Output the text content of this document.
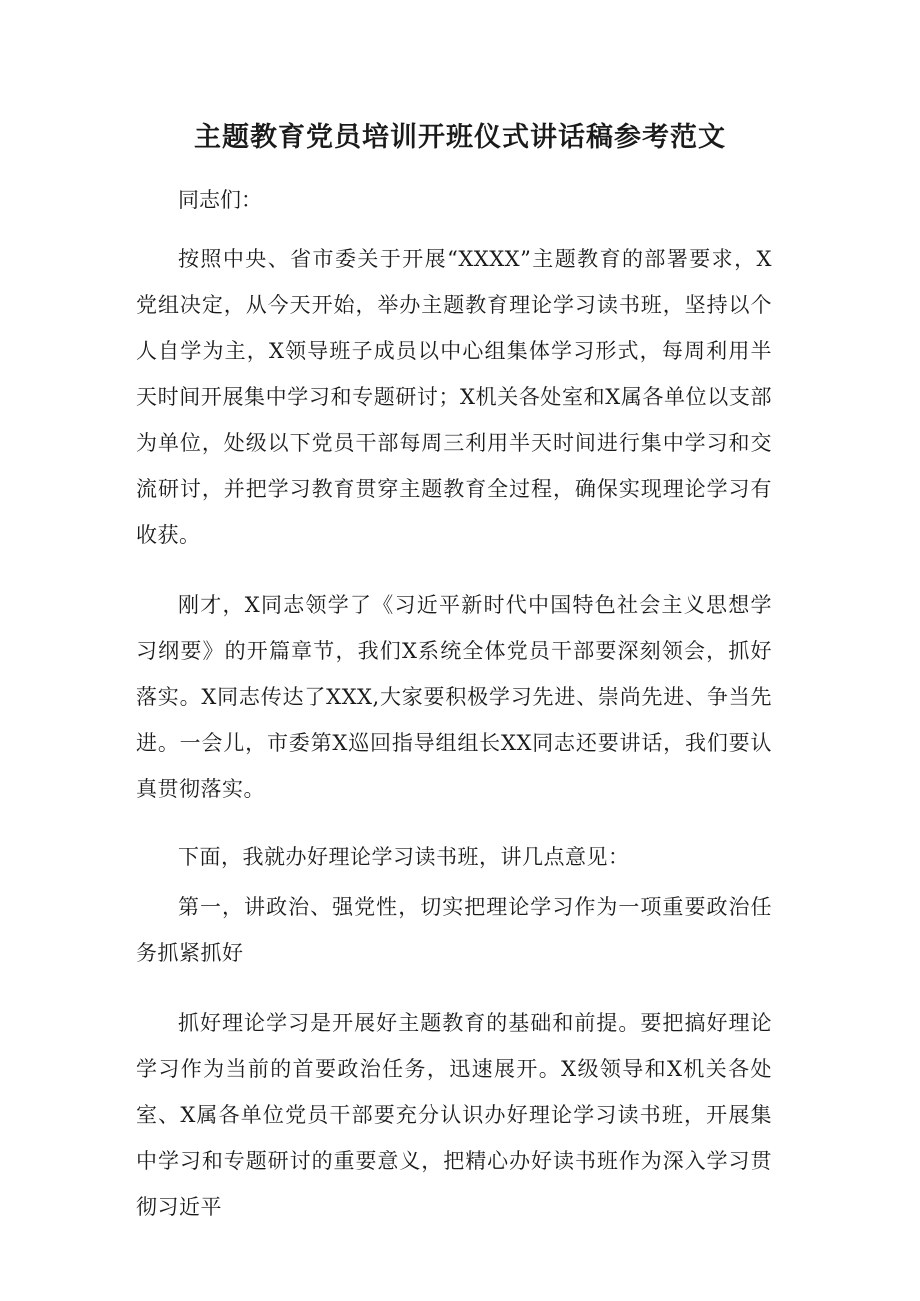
主题教育党员培训开班仪式讲话稿参考范文

同志们：

按照中央、省市委关于开展“XXXX”主题教育的部署要求，X党组决定，从今天开始，举办主题教育理论学习读书班，坚持以个人自学为主，X领导班子成员以中心组集体学习形式，每周利用半天时间开展集中学习和专题研讨；X机关各处室和X属各单位以支部为单位，处级以下党员干部每周三利用半天时间进行集中学习和交流研讨，并把学习教育贯穿主题教育全过程，确保实现理论学习有收获。

刚才，X同志领学了《习近平新时代中国特色社会主义思想学习纲要》的开篇章节，我们X系统全体党员干部要深刻领会，抓好落实。X同志传达了XXX,大家要积极学习先进、崇尚先进、争当先进。一会儿，市委第X巡回指导组组长XX同志还要讲话，我们要认真贯彻落实。

下面，我就办好理论学习读书班，讲几点意见：

第一，讲政治、强党性，切实把理论学习作为一项重要政治任务抓紧抓好

抓好理论学习是开展好主题教育的基础和前提。要把搞好理论学习作为当前的首要政治任务，迅速展开。X级领导和X机关各处室、X属各单位党员干部要充分认识办好理论学习读书班，开展集中学习和专题研讨的重要意义，把精心办好读书班作为深入学习贯彻习近平
